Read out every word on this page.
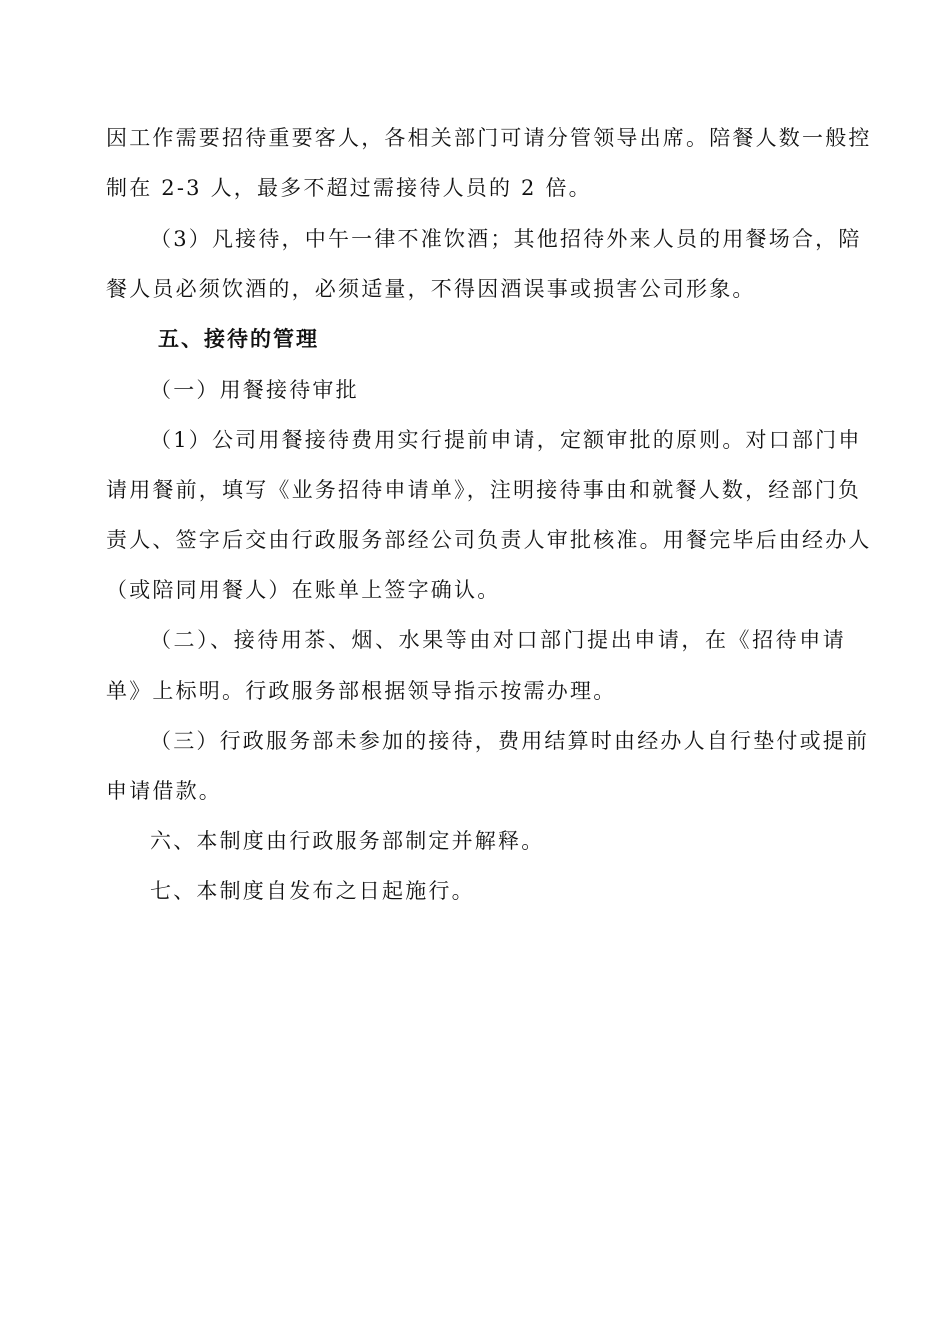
因工作需要招待重要客人，各相关部门可请分管领导出席。陪餐人数一般控
制在 2-3 人，最多不超过需接待人员的 2 倍。
（3）凡接待，中午一律不准饮酒；其他招待外来人员的用餐场合，陪
餐人员必须饮酒的，必须适量，不得因酒误事或损害公司形象。
五、接待的管理
（一）用餐接待审批
（1）公司用餐接待费用实行提前申请，定额审批的原则。对口部门申
请用餐前，填写《业务招待申请单》，注明接待事由和就餐人数，经部门负
责人、签字后交由行政服务部经公司负责人审批核准。用餐完毕后由经办人
（或陪同用餐人）在账单上签字确认。
（二）、接待用茶、烟、水果等由对口部门提出申请，在《招待申请
单》上标明。行政服务部根据领导指示按需办理。
（三）行政服务部未参加的接待，费用结算时由经办人自行垫付或提前
申请借款。
六、本制度由行政服务部制定并解释。
七、本制度自发布之日起施行。
